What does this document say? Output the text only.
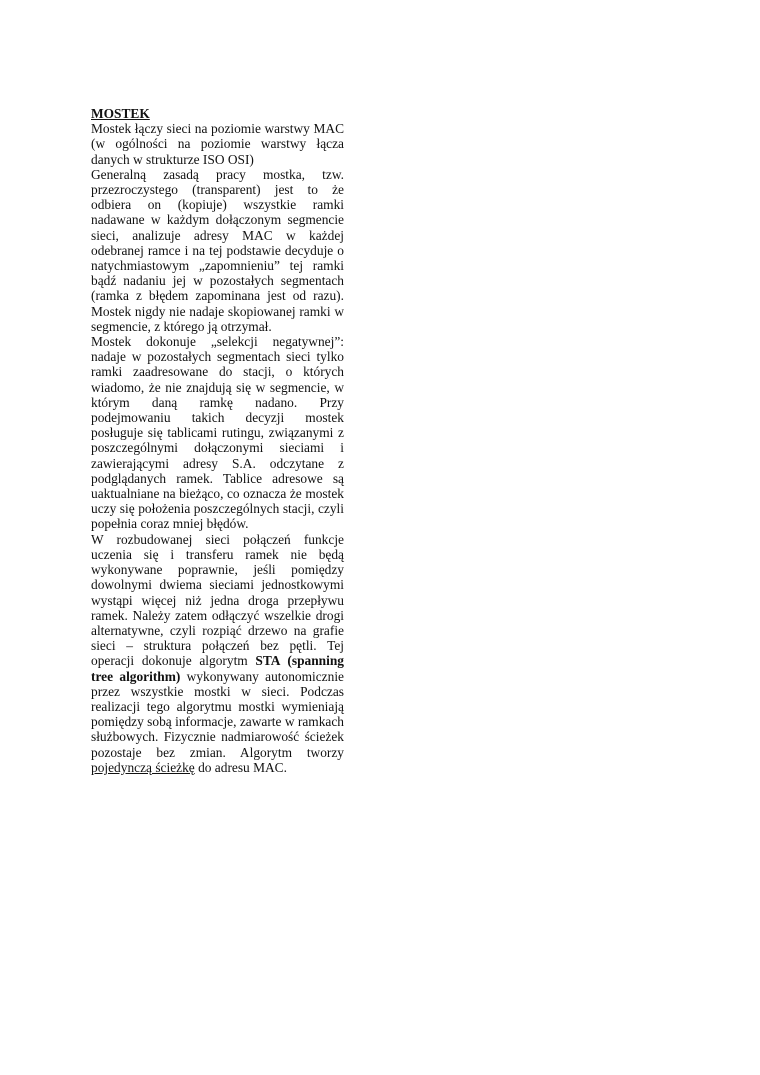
MOSTEK

Mostek łączy sieci na poziomie warstwy MAC (w ogólności na poziomie warstwy łącza danych w strukturze ISO OSI)

Generalną zasadą pracy mostka, tzw. przezroczystego (transparent) jest to że odbiera on (kopiuje) wszystkie ramki nadawane w każdym dołączonym segmencie sieci, analizuje adresy MAC w każdej odebranej ramce i na tej podstawie decyduje o natychmiastowym „zapomnieniu” tej ramki bądź nadaniu jej w pozostałych segmentach (ramka z błędem zapominana jest od razu). Mostek nigdy nie nadaje skopiowanej ramki w segmencie, z którego ją otrzymał.

Mostek dokonuje „selekcji negatywnej”: nadaje w pozostałych segmentach sieci tylko ramki zaadresowane do stacji, o których wiadomo, że nie znajdują się w segmencie, w którym daną ramkę nadano. Przy podejmowaniu takich decyzji mostek posługuje się tablicami rutingu, związanymi z poszczególnymi dołączonymi sieciami i zawierającymi adresy S.A. odczytane z podglądanych ramek. Tablice adresowe są uaktualniane na bieżąco, co oznacza że mostek uczy się położenia poszczególnych stacji, czyli popełnia coraz mniej błędów.

W rozbudowanej sieci połączeń funkcje uczenia się i transferu ramek nie będą wykonywane poprawnie, jeśli pomiędzy dowolnymi dwiema sieciami jednostkowymi wystąpi więcej niż jedna droga przepływu ramek. Należy zatem odłączyć wszelkie drogi alternatywne, czyli rozpiąć drzewo na grafie sieci – struktura połączeń bez pętli. Tej operacji dokonuje algorytm STA (spanning tree algorithm) wykonywany autonomicznie przez wszystkie mostki w sieci. Podczas realizacji tego algorytmu mostki wymieniają pomiędzy sobą informacje, zawarte w ramkach służbowych. Fizycznie nadmiarowość ścieżek pozostaje bez zmian. Algorytm tworzy pojedynczą ścieżkę do adresu MAC.
